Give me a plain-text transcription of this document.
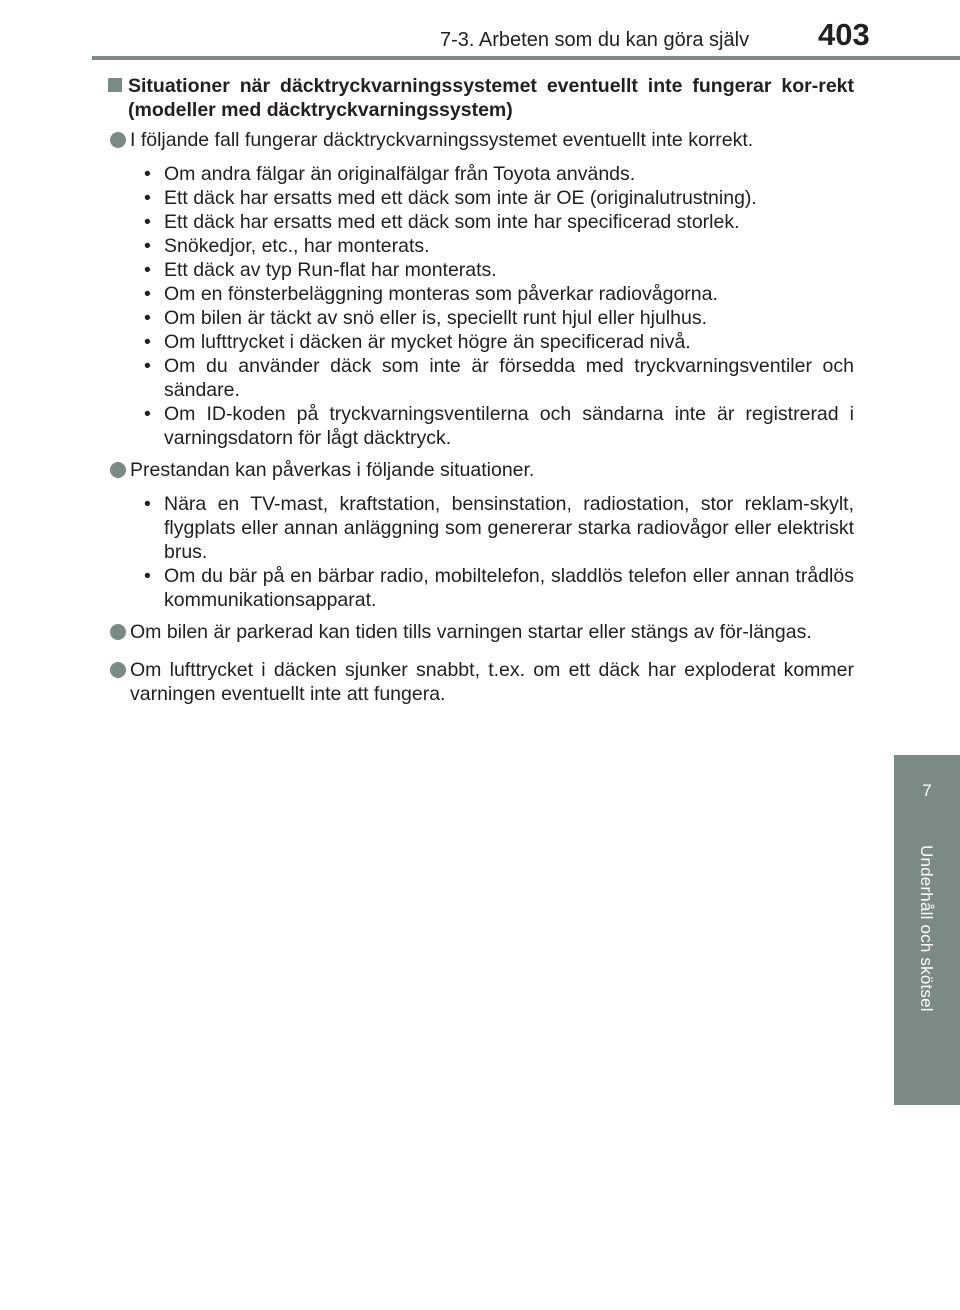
7-3. Arbeten som du kan göra själv 403
7
Underhåll och skötsel
Situationer när däcktryckvarningssystemet eventuellt inte fungerar kor-rekt (modeller med däcktryckvarningssystem)
I följande fall fungerar däcktryckvarningssystemet eventuellt inte korrekt.
• Om andra fälgar än originalfälgar från Toyota används.
• Ett däck har ersatts med ett däck som inte är OE (originalutrustning).
• Ett däck har ersatts med ett däck som inte har specificerad storlek.
• Snökedjor, etc., har monterats.
• Ett däck av typ Run-flat har monterats.
• Om en fönsterbeläggning monteras som påverkar radiovågorna.
• Om bilen är täckt av snö eller is, speciellt runt hjul eller hjulhus.
• Om lufttrycket i däcken är mycket högre än specificerad nivå.
• Om du använder däck som inte är försedda med tryckvarningsventiler och sändare.
• Om ID-koden på tryckvarningsventilerna och sändarna inte är registrerad i varningsdatorn för lågt däcktryck.
Prestandan kan påverkas i följande situationer.
• Nära en TV-mast, kraftstation, bensinstation, radiostation, stor reklam-skylt, flygplats eller annan anläggning som genererar starka radiovågor eller elektriskt brus.
• Om du bär på en bärbar radio, mobiltelefon, sladdlös telefon eller annan trådlös kommunikationsapparat.
Om bilen är parkerad kan tiden tills varningen startar eller stängs av för-längas.
Om lufttrycket i däcken sjunker snabbt, t.ex. om ett däck har exploderat kommer varningen eventuellt inte att fungera.
